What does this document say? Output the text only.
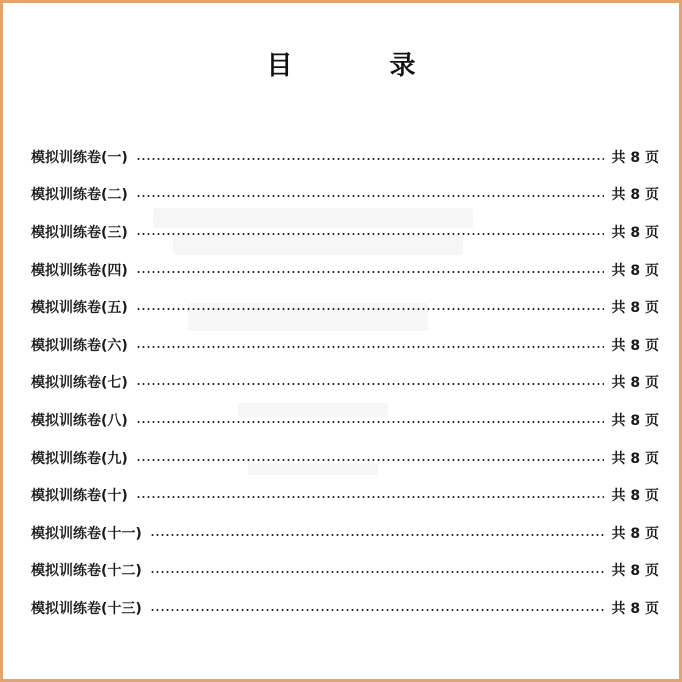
目 录
模拟训练卷(一)	共 8 页
模拟训练卷(二)	共 8 页
模拟训练卷(三)	共 8 页
模拟训练卷(四)	共 8 页
模拟训练卷(五)	共 8 页
模拟训练卷(六)	共 8 页
模拟训练卷(七)	共 8 页
模拟训练卷(八)	共 8 页
模拟训练卷(九)	共 8 页
模拟训练卷(十)	共 8 页
模拟训练卷(十一)	共 8 页
模拟训练卷(十二)	共 8 页
模拟训练卷(十三)	共 8 页
